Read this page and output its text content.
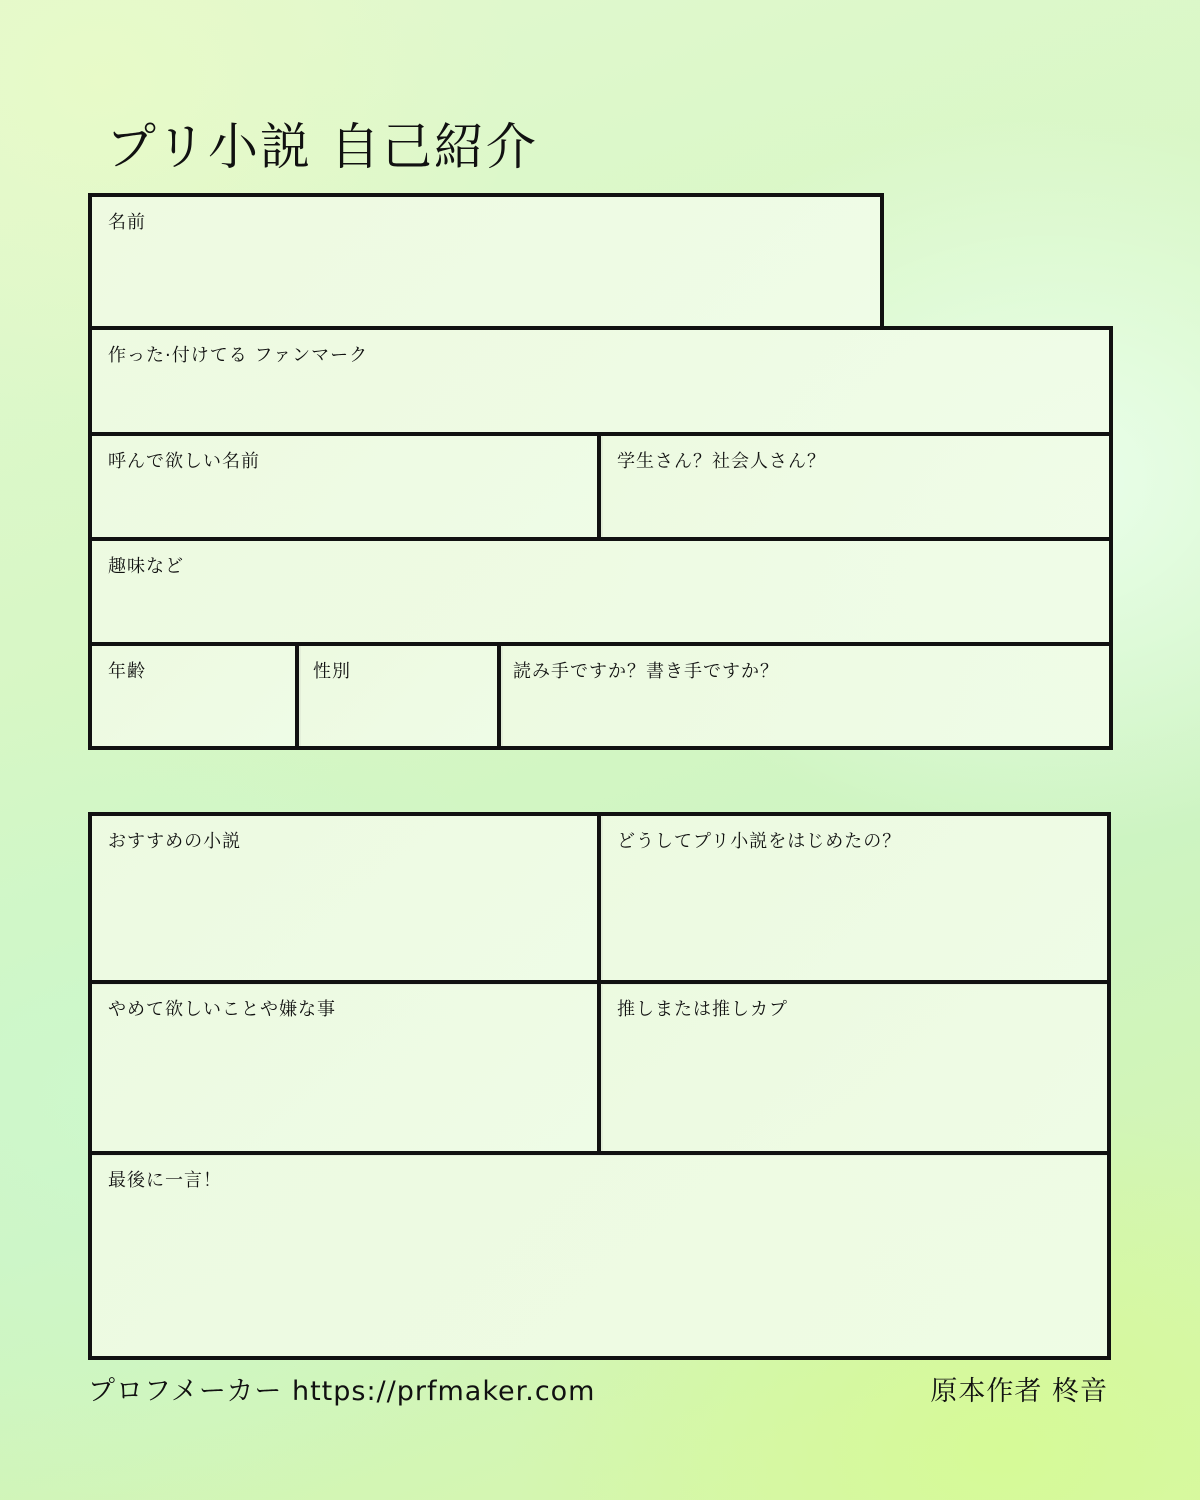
プリ小説 自己紹介
名前
作った·付けてる ファンマーク
呼んで欲しい名前	学生さん？社会人さん？
趣味など
年齢	性別	読み手ですか？書き手ですか？
おすすめの小説	どうしてプリ小説をはじめたの？
やめて欲しいことや嫌な事	推しまたは推しカプ
最後に一言！
プロフメーカー https://prfmaker.com	原本作者 柊音
